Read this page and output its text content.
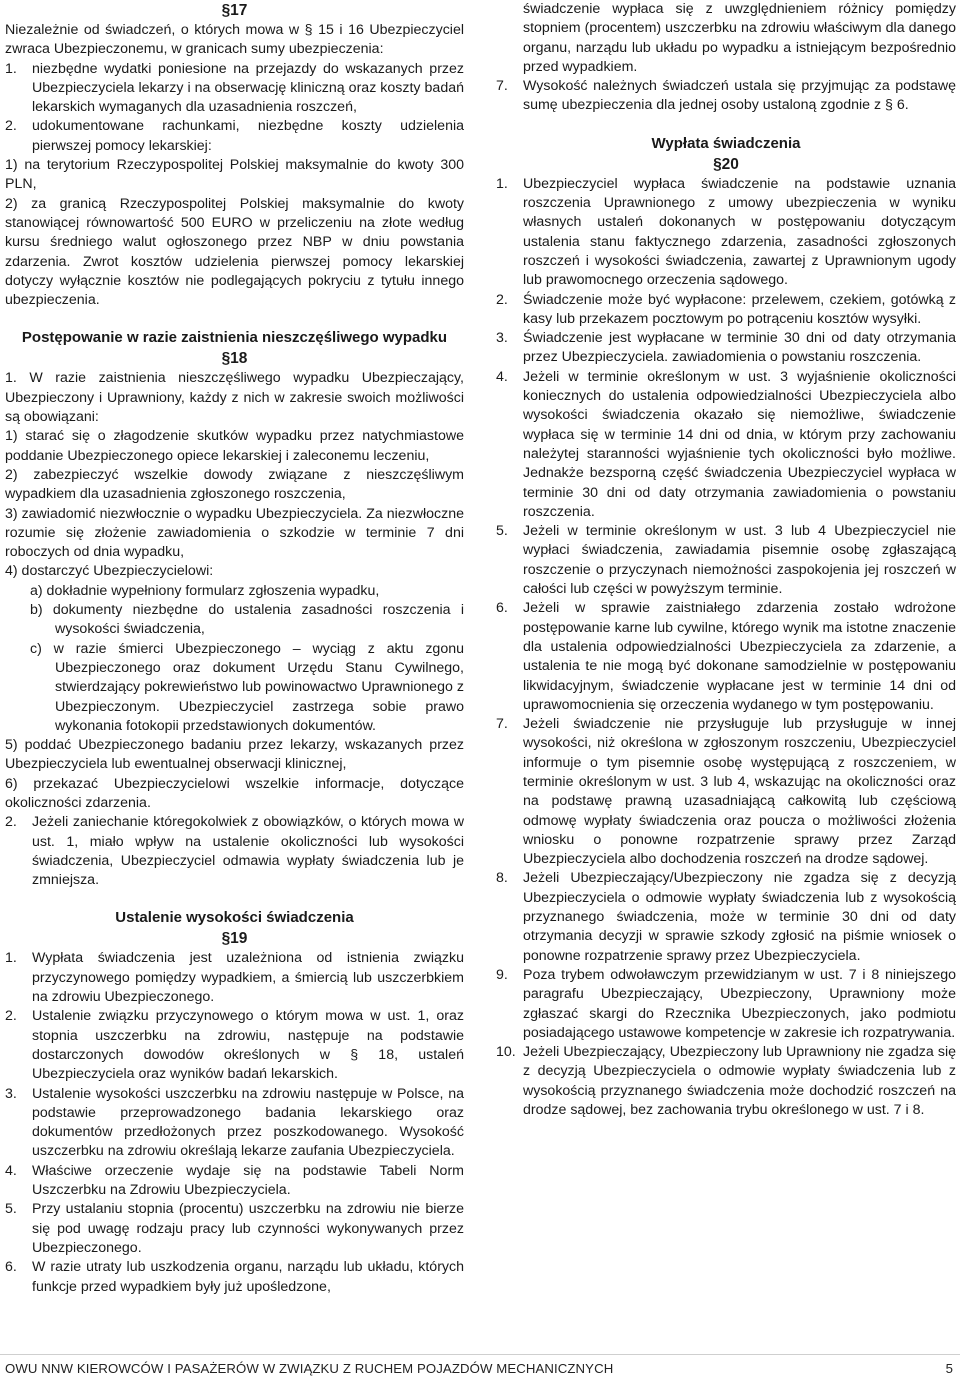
§17
Niezależnie od świadczeń, o których mowa w § 15 i 16 Ubezpieczyciel zwraca Ubezpieczonemu, w granicach sumy ubezpieczenia:
1.	niezbędne wydatki poniesione na przejazdy do wskazanych przez Ubezpieczyciela lekarzy i na obserwację kliniczną oraz koszty badań lekarskich wymaganych dla uzasadnienia roszczeń,
2.	udokumentowane rachunkami, niezbędne koszty udzielenia pierwszej pomocy lekarskiej:
1) na terytorium Rzeczypospolitej Polskiej maksymalnie do kwoty 300 PLN,
2) za granicą Rzeczypospolitej Polskiej maksymalnie do kwoty stanowiącej równowartość 500 EURO w przeliczeniu na złote według kursu średniego walut ogłoszonego przez NBP w dniu powstania zdarzenia. Zwrot kosztów udzielenia pierwszej pomocy lekarskiej dotyczy wyłącznie kosztów nie podlegających pokryciu z tytułu innego ubezpieczenia.
Postępowanie w razie zaistnienia nieszczęśliwego wypadku
§18
1. W razie zaistnienia nieszczęśliwego wypadku Ubezpieczający, Ubezpieczony i Uprawniony, każdy z nich w zakresie swoich możliwości są obowiązani:
1) starać się o złagodzenie skutków wypadku przez natychmiastowe poddanie Ubezpieczonego opiece lekarskiej i zaleconemu leczeniu,
2) zabezpieczyć wszelkie dowody związane z nieszczęśliwym wypadkiem dla uzasadnienia zgłoszonego roszczenia,
3) zawiadomić niezwłocznie o wypadku Ubezpieczyciela. Za niezwłoczne rozumie się złożenie zawiadomienia o szkodzie w terminie 7 dni roboczych od dnia wypadku,
4) dostarczyć Ubezpieczycielowi:
a) dokładnie wypełniony formularz zgłoszenia wypadku,
b) dokumenty niezbędne do ustalenia zasadności roszczenia i wysokości świadczenia,
c) w razie śmierci Ubezpieczonego – wyciąg z aktu zgonu Ubezpieczonego oraz dokument Urzędu Stanu Cywilnego, stwierdzający pokrewieństwo lub powinowactwo Uprawnionego z Ubezpieczonym. Ubezpieczyciel zastrzega sobie prawo wykonania fotokopii przedstawionych dokumentów.
5) poddać Ubezpieczonego badaniu przez lekarzy, wskazanych przez Ubezpieczyciela lub ewentualnej obserwacji klinicznej,
6) przekazać Ubezpieczycielowi wszelkie informacje, dotyczące okoliczności zdarzenia.
2.	Jeżeli zaniechanie któregokolwiek z obowiązków, o których mowa w ust. 1, miało wpływ na ustalenie okoliczności lub wysokości świadczenia, Ubezpieczyciel odmawia wypłaty świadczenia lub je zmniejsza.
Ustalenie wysokości świadczenia
§19
1.	Wypłata świadczenia jest uzależniona od istnienia związku przyczynowego pomiędzy wypadkiem, a śmiercią lub uszczerbkiem na zdrowiu Ubezpieczonego.
2.	Ustalenie związku przyczynowego o którym mowa w ust. 1, oraz stopnia uszczerbku na zdrowiu, następuje na podstawie dostarczonych dowodów określonych w § 18, ustaleń Ubezpieczyciela oraz wyników badań lekarskich.
3.	Ustalenie wysokości uszczerbku na zdrowiu następuje w Polsce, na podstawie przeprowadzonego badania lekarskiego oraz dokumentów przedłożonych przez poszkodowanego. Wysokość uszczerbku na zdrowiu określają lekarze zaufania Ubezpieczyciela.
4.	Właściwe orzeczenie wydaje się na podstawie Tabeli Norm Uszczerbku na Zdrowiu Ubezpieczyciela.
5.	Przy ustalaniu stopnia (procentu) uszczerbku na zdrowiu nie bierze się pod uwagę rodzaju pracy lub czynności wykonywanych przez Ubezpieczonego.
6.	W razie utraty lub uszkodzenia organu, narządu lub układu, których funkcje przed wypadkiem były już upośledzone,
świadczenie wypłaca się z uwzględnieniem różnicy pomiędzy stopniem (procentem) uszczerbku na zdrowiu właściwym dla danego organu, narządu lub układu po wypadku a istniejącym bezpośrednio przed wypadkiem.
7.	Wysokość należnych świadczeń ustala się przyjmując za podstawę sumę ubezpieczenia dla jednej osoby ustaloną zgodnie z § 6.
Wypłata świadczenia
§20
1.	Ubezpieczyciel wypłaca świadczenie na podstawie uznania roszczenia Uprawnionego z umowy ubezpieczenia w wyniku własnych ustaleń dokonanych w postępowaniu dotyczącym ustalenia stanu faktycznego zdarzenia, zasadności zgłoszonych roszczeń i wysokości świadczenia, zawartej z Uprawnionym ugody lub prawomocnego orzeczenia sądowego.
2.	Świadczenie może być wypłacone: przelewem, czekiem, gotówką z kasy lub przekazem pocztowym po potrąceniu kosztów wysyłki.
3.	Świadczenie jest wypłacane w terminie 30 dni od daty otrzymania przez Ubezpieczyciela. zawiadomienia o powstaniu roszczenia.
4.	Jeżeli w terminie określonym w ust. 3 wyjaśnienie okoliczności koniecznych do ustalenia odpowiedzialności Ubezpieczyciela albo wysokości świadczenia okazało się niemożliwe, świadczenie wypłaca się w terminie 14 dni od dnia, w którym przy zachowaniu należytej staranności wyjaśnienie tych okoliczności było możliwe. Jednakże bezsporną część świadczenia Ubezpieczyciel wypłaca w terminie 30 dni od daty otrzymania zawiadomienia o powstaniu roszczenia.
5.	Jeżeli w terminie określonym w ust. 3 lub 4 Ubezpieczyciel nie wypłaci świadczenia, zawiadamia pisemnie osobę zgłaszającą roszczenie o przyczynach niemożności zaspokojenia jej roszczeń w całości lub części w powyższym terminie.
6.	Jeżeli w sprawie zaistniałego zdarzenia zostało wdrożone postępowanie karne lub cywilne, którego wynik ma istotne znaczenie dla ustalenia odpowiedzialności Ubezpieczyciela za zdarzenie, a ustalenia te nie mogą być dokonane samodzielnie w postępowaniu likwidacyjnym, świadczenie wypłacane jest w terminie 14 dni od uprawomocnienia się orzeczenia wydanego w tym postępowaniu.
7.	Jeżeli świadczenie nie przysługuje lub przysługuje w innej wysokości, niż określona w zgłoszonym roszczeniu, Ubezpieczyciel informuje o tym pisemnie osobę występującą z roszczeniem, w terminie określonym w ust. 3 lub 4, wskazując na okoliczności oraz na podstawę prawną uzasadniającą całkowitą lub częściową odmowę wypłaty świadczenia oraz poucza o możliwości złożenia wniosku o ponowne rozpatrzenie sprawy przez Zarząd Ubezpieczyciela albo dochodzenia roszczeń na drodze sądowej.
8.	Jeżeli Ubezpieczający/Ubezpieczony nie zgadza się z decyzją Ubezpieczyciela o odmowie wypłaty świadczenia lub z wysokością przyznanego świadczenia, może w terminie 30 dni od daty otrzymania decyzji w sprawie szkody zgłosić na piśmie wniosek o ponowne rozpatrzenie sprawy przez Ubezpieczyciela.
9.	Poza trybem odwoławczym przewidzianym w ust. 7 i 8 niniejszego paragrafu Ubezpieczający, Ubezpieczony, Uprawniony może zgłaszać skargi do Rzecznika Ubezpieczonych, jako podmiotu posiadającego ustawowe kompetencje w zakresie ich rozpatrywania.
10. Jeżeli Ubezpieczający, Ubezpieczony lub Uprawniony nie zgadza się z decyzją Ubezpieczyciela o odmowie wypłaty świadczenia lub z wysokością przyznanego świadczenia może dochodzić roszczeń na drodze sądowej, bez zachowania trybu określonego w ust. 7 i 8.
OWU NNW KIEROWCÓW I PASAŻERÓW W ZWIĄZKU Z RUCHEM POJAZDÓW MECHANICZNYCH	5
